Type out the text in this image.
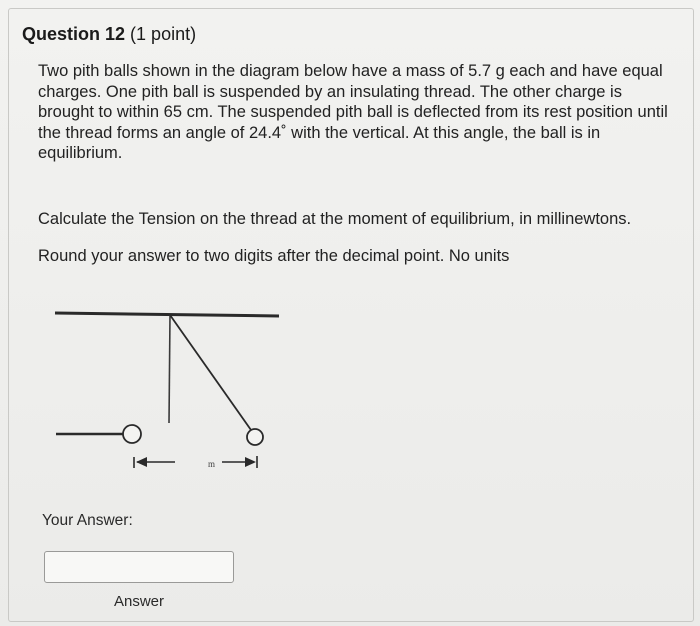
Question 12 (1 point)

Two pith balls shown in the diagram below have a mass of 5.7 g each and have equal charges. One pith ball is suspended by an insulating thread. The other charge is brought to within 65 cm. The suspended pith ball is deflected from its rest position until the thread forms an angle of 24.4˚ with the vertical. At this angle, the ball is in equilibrium.

Calculate the Tension on the thread at the moment of equilibrium, in millinewtons.
Round your answer to two digits after the decimal point. No units
m
Your Answer:
Answer
